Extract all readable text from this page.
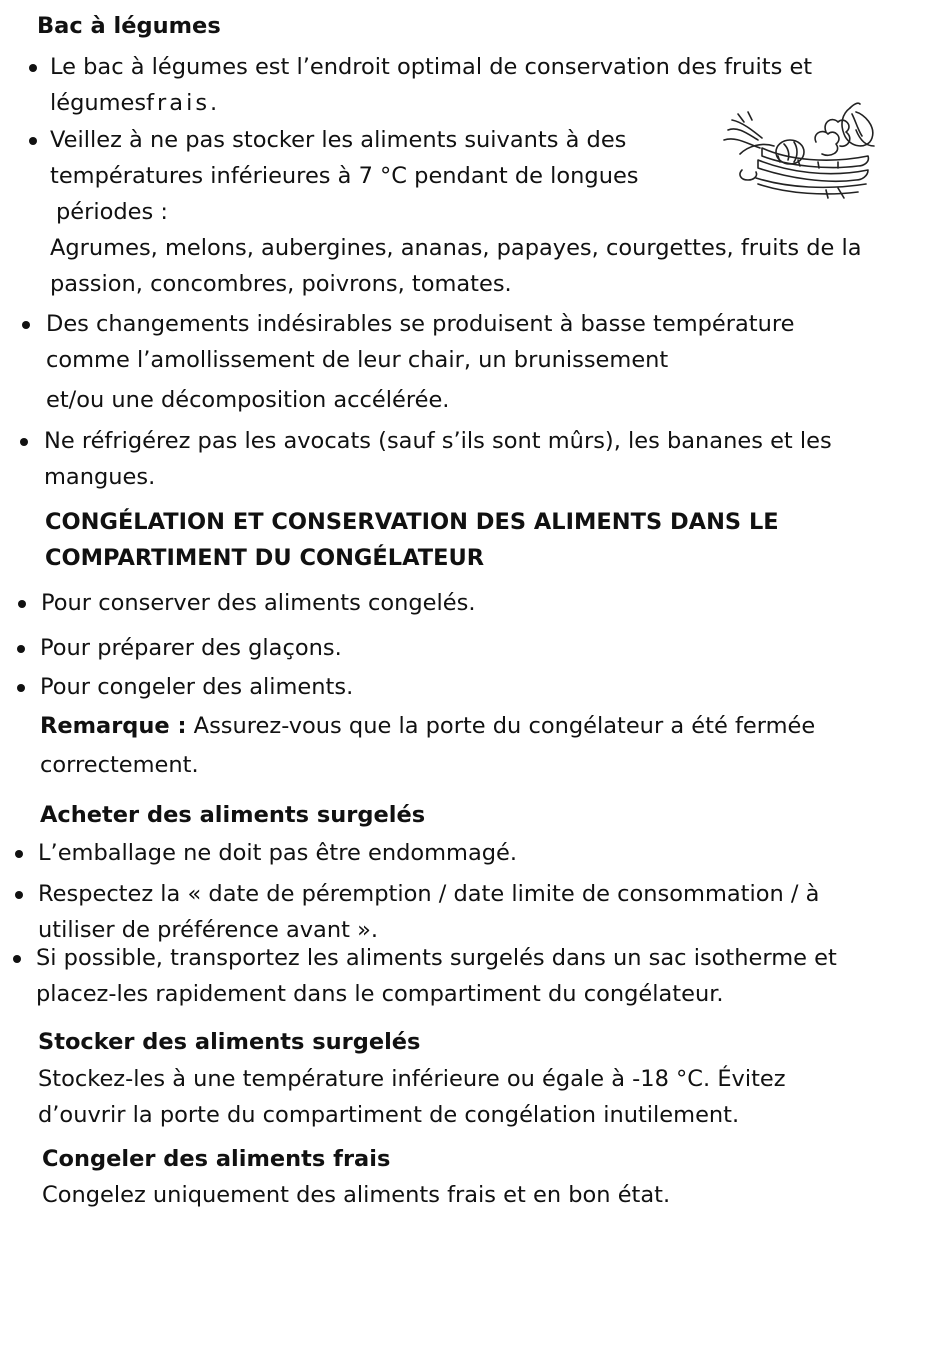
Bac à légumes

Le bac à légumes est l’endroit optimal de conservation des fruits et

légumesfrais.

Veillez à ne pas stocker les aliments suivants à des

températures inférieures à 7 °C pendant de longues

périodes :

Agrumes, melons, aubergines, ananas, papayes, courgettes, fruits de la

passion, concombres, poivrons, tomates.

Des changements indésirables se produisent à basse température

comme l’amollissement de leur chair, un brunissement

et/ou une décomposition accélérée.

Ne réfrigérez pas les avocats (sauf s’ils sont mûrs), les bananes et les

mangues.

CONGÉLATION ET CONSERVATION DES ALIMENTS DANS LE

COMPARTIMENT DU CONGÉLATEUR

Pour conserver des aliments congelés.

Pour préparer des glaçons.

Pour congeler des aliments.

Remarque : Assurez-vous que la porte du congélateur a été fermée

correctement.

Acheter des aliments surgelés

L’emballage ne doit pas être endommagé.

Respectez la « date de péremption / date limite de consommation / à

utiliser de préférence avant ».

Si possible, transportez les aliments surgelés dans un sac isotherme et

placez-les rapidement dans le compartiment du congélateur.

Stocker des aliments surgelés

Stockez-les à une température inférieure ou égale à -18 °C. Évitez

d’ouvrir la porte du compartiment de congélation inutilement.

Congeler des aliments frais

Congelez uniquement des aliments frais et en bon état.
